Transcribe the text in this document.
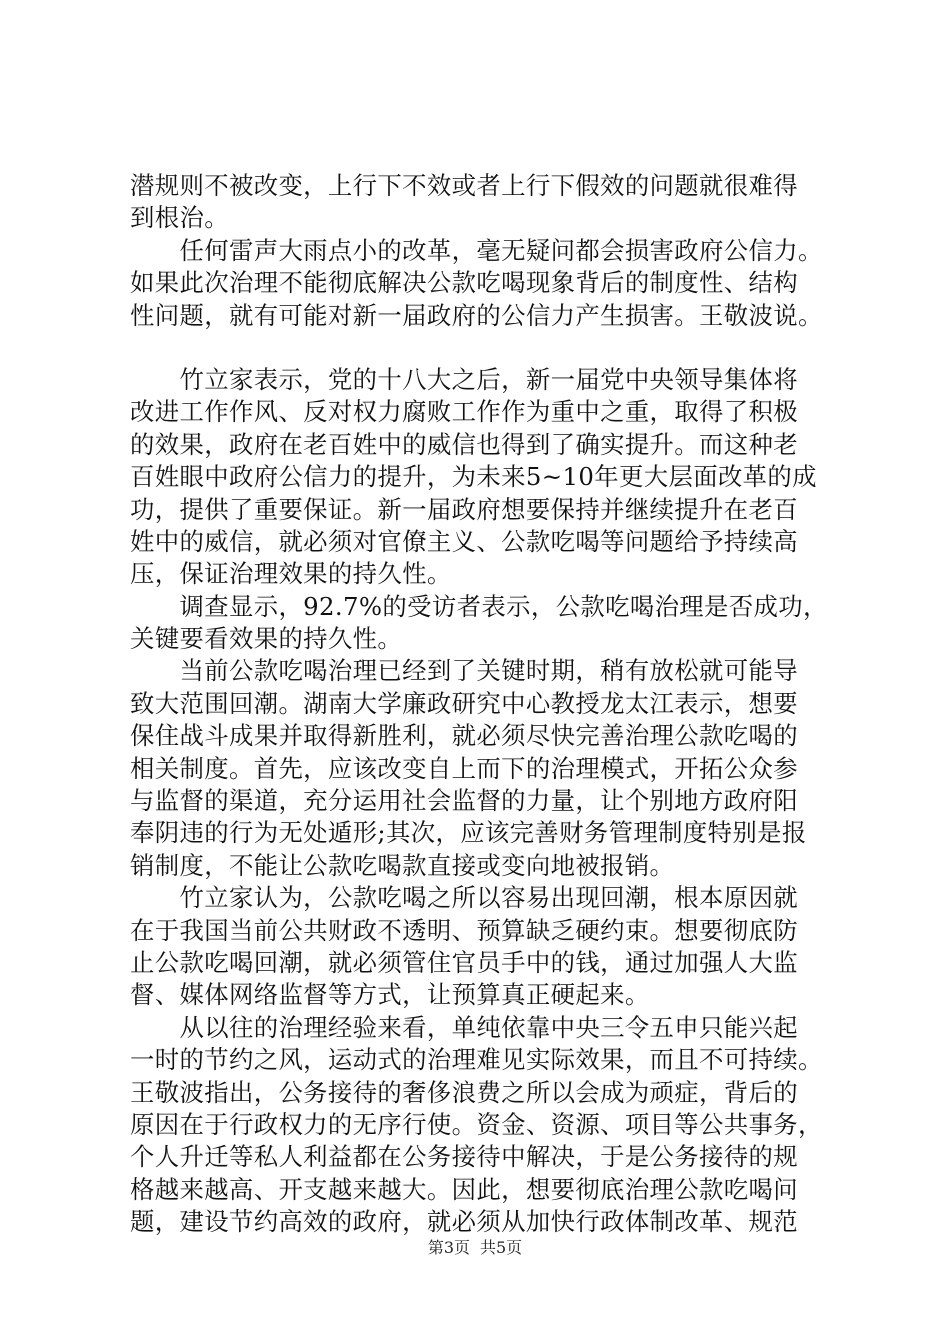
潜规则不被改变，上行下不效或者上行下假效的问题就很难得
到根治。
　　任何雷声大雨点小的改革，毫无疑问都会损害政府公信力。
如果此次治理不能彻底解决公款吃喝现象背后的制度性、结构
性问题，就有可能对新一届政府的公信力产生损害。王敬波说。
　　竹立家表示，党的十八大之后，新一届党中央领导集体将
改进工作作风、反对权力腐败工作作为重中之重，取得了积极
的效果，政府在老百姓中的威信也得到了确实提升。而这种老
百姓眼中政府公信力的提升，为未来5~10年更大层面改革的成
功，提供了重要保证。新一届政府想要保持并继续提升在老百
姓中的威信，就必须对官僚主义、公款吃喝等问题给予持续高
压，保证治理效果的持久性。
　　调查显示，92.7%的受访者表示，公款吃喝治理是否成功，
关键要看效果的持久性。
　　当前公款吃喝治理已经到了关键时期，稍有放松就可能导
致大范围回潮。湖南大学廉政研究中心教授龙太江表示，想要
保住战斗成果并取得新胜利，就必须尽快完善治理公款吃喝的
相关制度。首先，应该改变自上而下的治理模式，开拓公众参
与监督的渠道，充分运用社会监督的力量，让个别地方政府阳
奉阴违的行为无处遁形;其次，应该完善财务管理制度特别是报
销制度，不能让公款吃喝款直接或变向地被报销。
　　竹立家认为，公款吃喝之所以容易出现回潮，根本原因就
在于我国当前公共财政不透明、预算缺乏硬约束。想要彻底防
止公款吃喝回潮，就必须管住官员手中的钱，通过加强人大监
督、媒体网络监督等方式，让预算真正硬起来。
　　从以往的治理经验来看，单纯依靠中央三令五申只能兴起
一时的节约之风，运动式的治理难见实际效果，而且不可持续。
王敬波指出，公务接待的奢侈浪费之所以会成为顽症，背后的
原因在于行政权力的无序行使。资金、资源、项目等公共事务，
个人升迁等私人利益都在公务接待中解决，于是公务接待的规
格越来越高、开支越来越大。因此，想要彻底治理公款吃喝问
题，建设节约高效的政府，就必须从加快行政体制改革、规范
第3页 共5页
